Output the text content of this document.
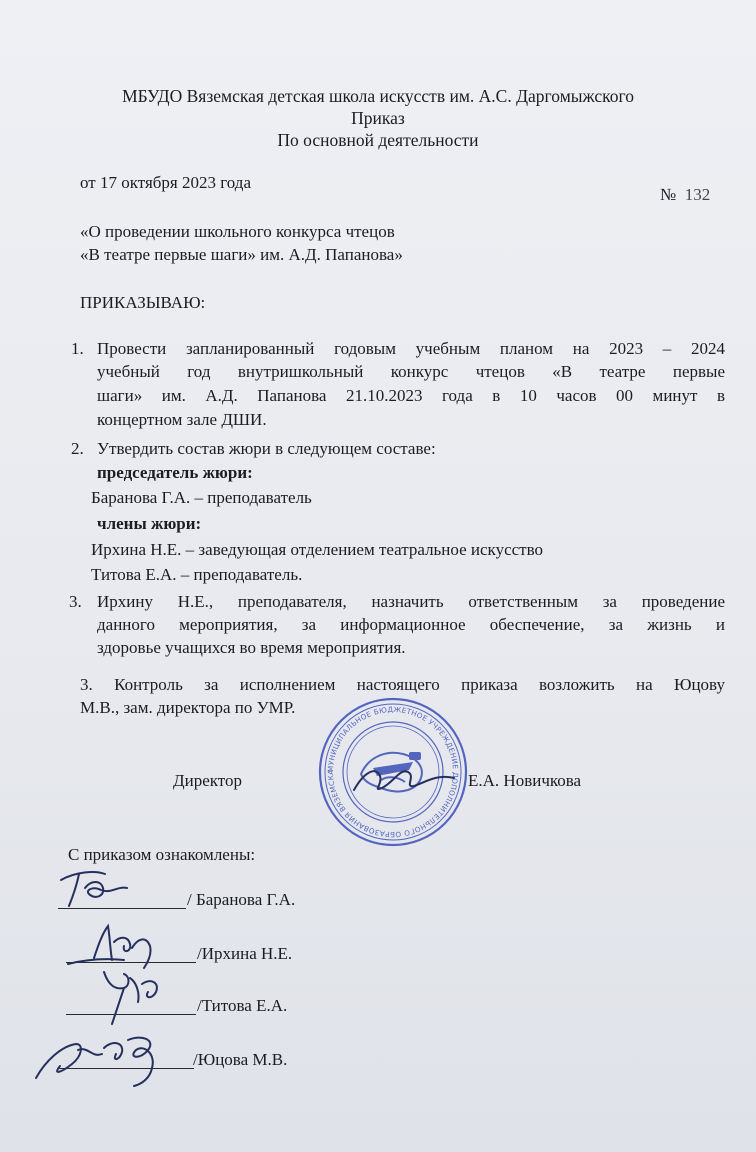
МБУДО Вяземская детская школа искусств им. А.С. Даргомыжского
Приказ
По основной деятельности
от 17 октября 2023 года
№ 132
«О проведении школьного конкурса чтецов
«В театре первые шаги» им. А.Д. Папанова»
ПРИКАЗЫВАЮ:
1. Провести запланированный годовым учебным планом на 2023 – 2024
учебный год внутришкольный конкурс чтецов «В театре первые
шаги» им. А.Д. Папанова 21.10.2023 года в 10 часов 00 минут в
концертном зале ДШИ.
2. Утвердить состав жюри в следующем составе:
председатель жюри:
Баранова Г.А. – преподаватель
члены жюри:
Ирхина Н.Е. – заведующая отделением театральное искусство
Титова Е.А. – преподаватель.
3. Ирхину Н.Е., преподавателя, назначить ответственным за проведение
данного мероприятия, за информационное обеспечение, за жизнь и
здоровье учащихся во время мероприятия.
3. Контроль за исполнением настоящего приказа возложить на Юцову
М.В., зам. директора по УМР.
МУНИЦИПАЛЬНОЕ БЮДЖЕТНОЕ УЧРЕЖДЕНИЕ ДОПОЛНИТЕЛЬНОГО ОБРАЗОВАНИЯ ВЯЗЕМСКА
Директор	Е.А. Новичкова
С приказом ознакомлены:
/ Баранова Г.А.
/Ирхина Н.Е.
/Титова Е.А.
/Юцова М.В.
